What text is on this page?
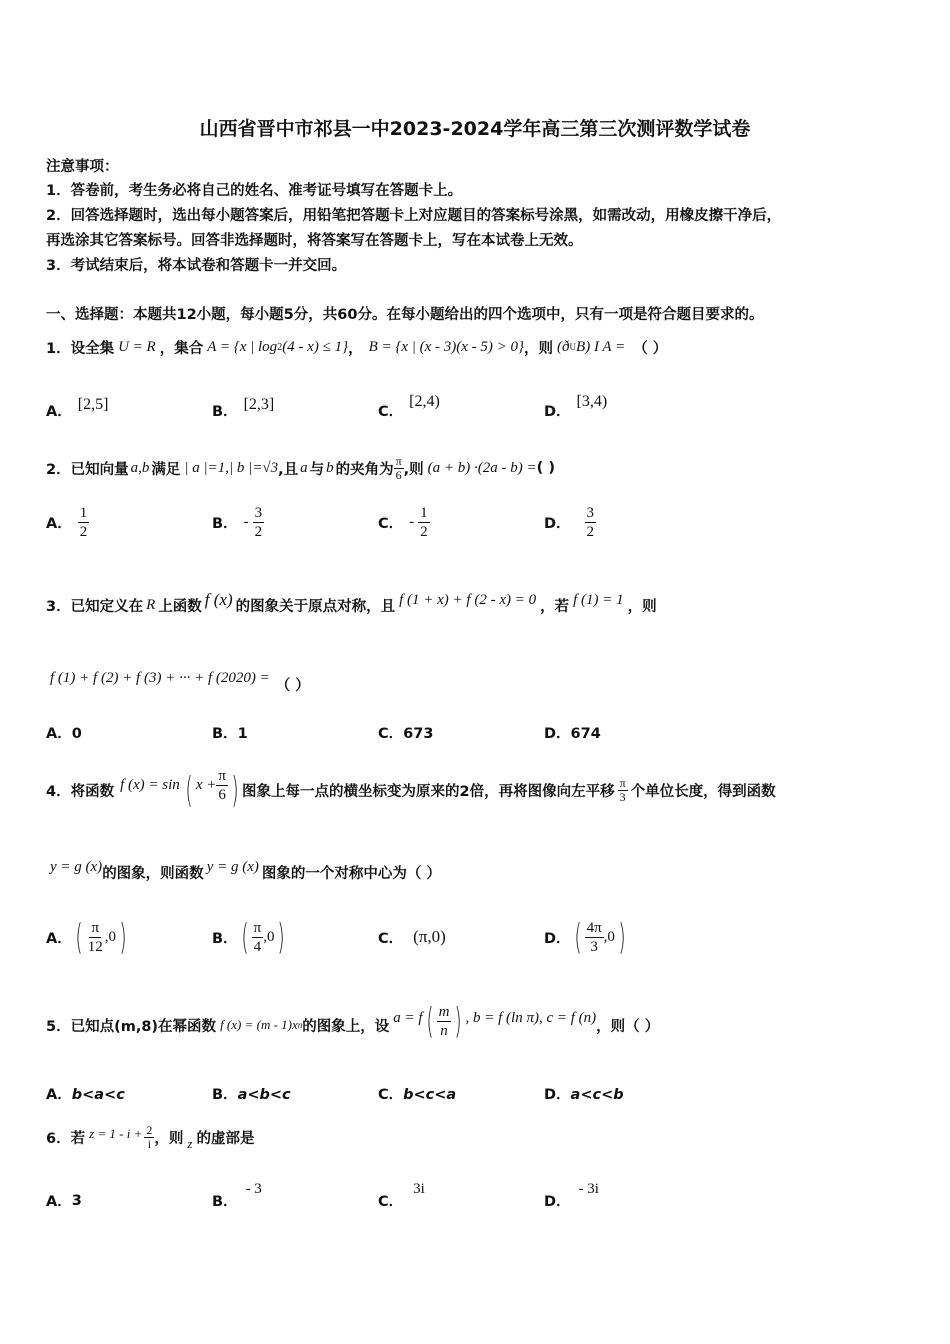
山西省晋中市祁县一中2023-2024学年高三第三次测评数学试卷
注意事项：
1．答卷前，考生务必将自己的姓名、准考证号填写在答题卡上。
2．回答选择题时，选出每小题答案后，用铅笔把答题卡上对应题目的答案标号涂黑，如需改动，用橡皮擦干净后，
再选涂其它答案标号。回答非选择题时，将答案写在答题卡上，写在本试卷上无效。
3．考试结束后，将本试卷和答题卡一并交回。
一、选择题：本题共12小题，每小题5分，共60分。在每小题给出的四个选项中，只有一项是符合题目要求的。
1．设全集 U = R ，集合 A = {x | log 2 (4 - x) ≤ 1} ， B = {x | (x - 3)(x - 5) > 0} ，则 (ð U B) I A = （ ）
A． [2,5]	B． [2,3]	C．
[2,4)
D．
[3,4)
2．已知向量 a,b 满足 | a |=1,| b |=√3 ,且 a 与 b 的夹角为 $\frac{\pi}{6}$ ,则 (a + b) ·(2a - b) = ( )
A． $\frac{1}{2}$	B． - $\frac{3}{2}$	C． - $\frac{1}{2}$	D． $\frac{3}{2}$
3．已知定义在 R 上函数 f (x) 的图象关于原点对称，且 f (1 + x) + f (2 - x) = 0 ，若 f (1) = 1 ，则
f (1) + f (2) + f (3) + ··· + f (2020) = （ ）
A．0	B．1	C．673	D．674
4．将函数 f (x) = sin ( $x + \frac{\pi}{6}$ ) 图象上每一点的横坐标变为原来的2倍，再将图像向左平移 $\frac{\pi}{3}$ 个单位长度，得到函数
y = g (x) 的图象，则函数 y = g (x) 图象的一个对称中心为（ ）
A． ( $\frac{\pi}{12} ,0$ )	B． ( $\frac{\pi}{4} ,0$ )	C． (π,0)	D． ( $\frac{4\pi}{3} ,0$ )
5．已知点(m,8)在幂函数 f (x) = (m - 1)x n 的图象上，设
a = f ( $\frac{m}{n}$ ) , b = f (ln π), c = f (n)
，则（ ）
A．b<a<c	B．a<b<c	C．b<c<a	D．a<c<b
6．若 $z = 1 - i + \frac{2}{i}$ ，则 z 的虚部是
A． 3	B．
- 3
C．
3i
D．
- 3i
